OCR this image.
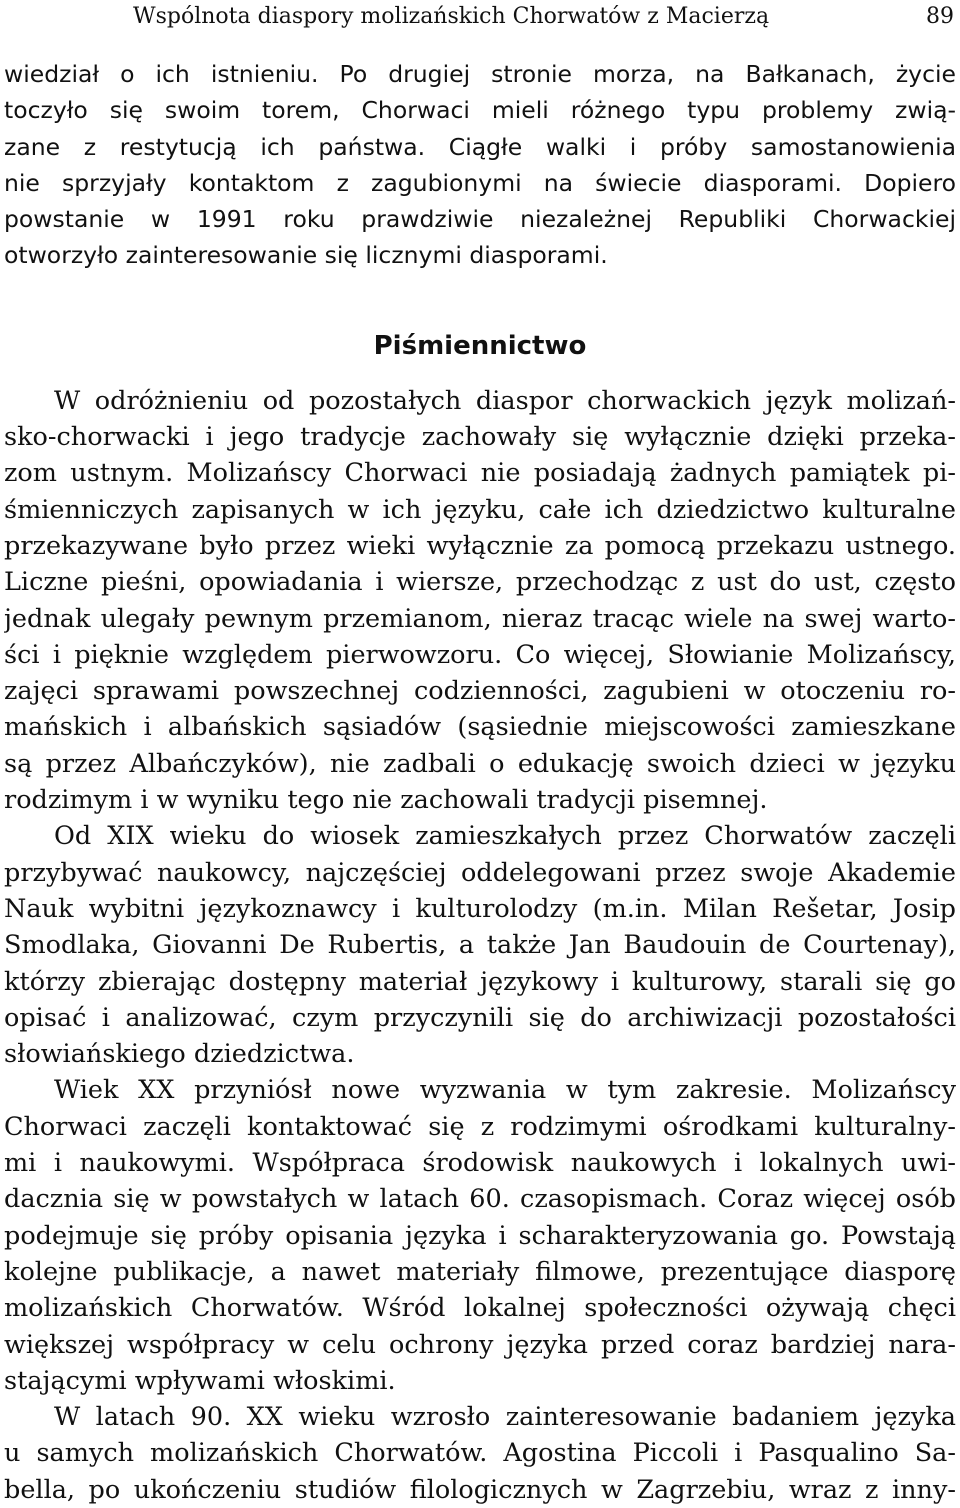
Wspólnota diaspory molizańskich Chorwatów z Macierzą	89
wiedział o ich istnieniu. Po drugiej stronie morza, na Bałkanach, życie
toczyło się swoim torem, Chorwaci mieli różnego typu problemy zwią-
zane z restytucją ich państwa. Ciągłe walki i próby samostanowienia
nie sprzyjały kontaktom z zagubionymi na świecie diasporami. Dopiero
powstanie w 1991 roku prawdziwie niezależnej Republiki Chorwackiej
otworzyło zainteresowanie się licznymi diasporami.
Piśmiennictwo
W odróżnieniu od pozostałych diaspor chorwackich język molizań-
sko-chorwacki i jego tradycje zachowały się wyłącznie dzięki przeka-
zom ustnym. Molizańscy Chorwaci nie posiadają żadnych pamiątek pi-
śmienniczych zapisanych w ich języku, całe ich dziedzictwo kulturalne
przekazywane było przez wieki wyłącznie za pomocą przekazu ustnego.
Liczne pieśni, opowiadania i wiersze, przechodząc z ust do ust, często
jednak ulegały pewnym przemianom, nieraz tracąc wiele na swej warto-
ści i pięknie względem pierwowzoru. Co więcej, Słowianie Molizańscy,
zajęci sprawami powszechnej codzienności, zagubieni w otoczeniu ro-
mańskich i albańskich sąsiadów (sąsiednie miejscowości zamieszkane
są przez Albańczyków), nie zadbali o edukację swoich dzieci w języku
rodzimym i w wyniku tego nie zachowali tradycji pisemnej.
Od XIX wieku do wiosek zamieszkałych przez Chorwatów zaczęli
przybywać naukowcy, najczęściej oddelegowani przez swoje Akademie
Nauk wybitni językoznawcy i kulturolodzy (m.in. Milan Rešetar, Josip
Smodlaka, Giovanni De Rubertis, a także Jan Baudouin de Courtenay),
którzy zbierając dostępny materiał językowy i kulturowy, starali się go
opisać i analizować, czym przyczynili się do archiwizacji pozostałości
słowiańskiego dziedzictwa.
Wiek XX przyniósł nowe wyzwania w tym zakresie. Molizańscy
Chorwaci zaczęli kontaktować się z rodzimymi ośrodkami kulturalny-
mi i naukowymi. Współpraca środowisk naukowych i lokalnych uwi-
dacznia się w powstałych w latach 60. czasopismach. Coraz więcej osób
podejmuje się próby opisania języka i scharakteryzowania go. Powstają
kolejne publikacje, a nawet materiały filmowe, prezentujące diasporę
molizańskich Chorwatów. Wśród lokalnej społeczności ożywają chęci
większej współpracy w celu ochrony języka przed coraz bardziej nara-
stającymi wpływami włoskimi.
W latach 90. XX wieku wzrosło zainteresowanie badaniem języka
u samych molizańskich Chorwatów. Agostina Piccoli i Pasqualino Sa-
bella, po ukończeniu studiów filologicznych w Zagrzebiu, wraz z inny-
